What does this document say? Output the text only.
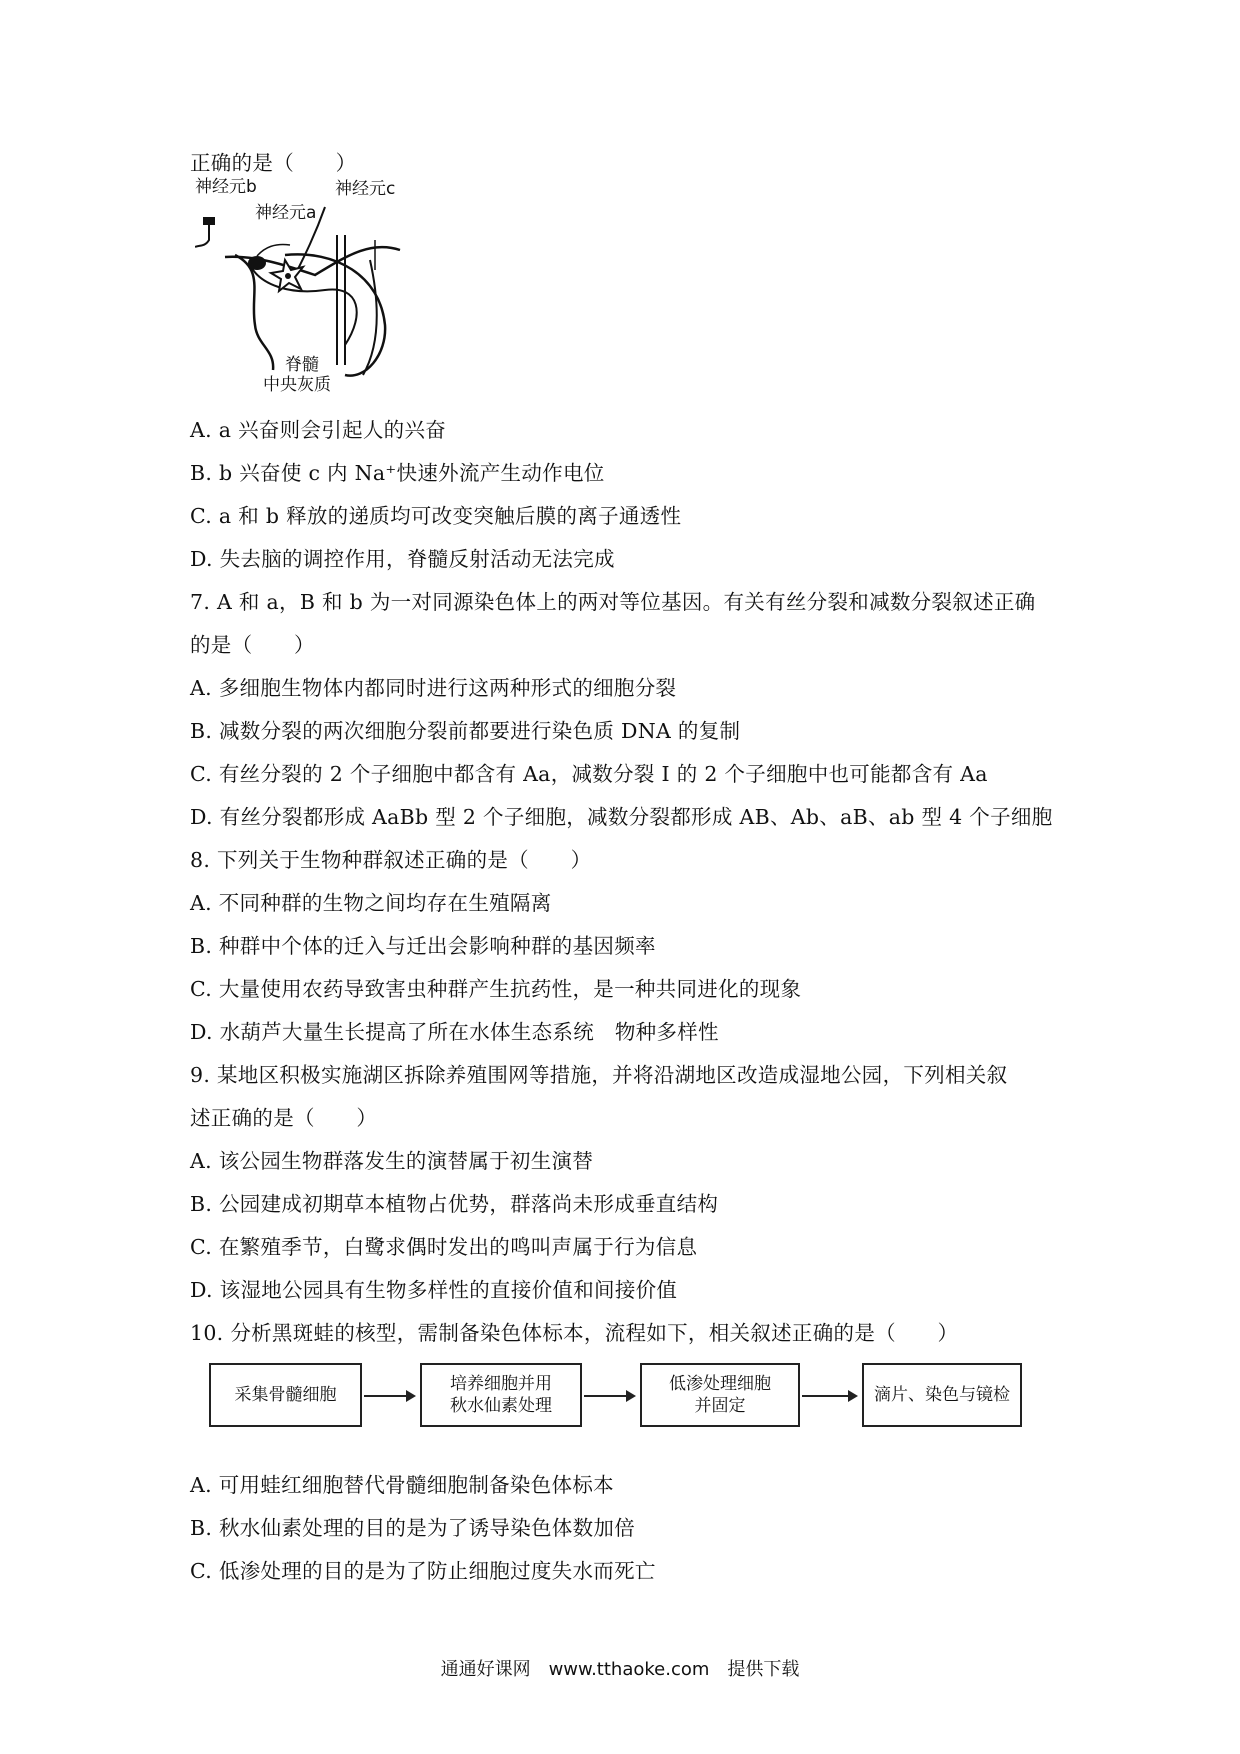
正确的是（　　）
神经元b
神经元a
神经元c
脊髓
中央灰质
A. a 兴奋则会引起人的兴奋
B. b 兴奋使 c 内 Na⁺快速外流产生动作电位
C. a 和 b 释放的递质均可改变突触后膜的离子通透性
D. 失去脑的调控作用，脊髓反射活动无法完成
7. A 和 a，B 和 b 为一对同源染色体上的两对等位基因。有关有丝分裂和减数分裂叙述正确
的是（　　）
A. 多细胞生物体内都同时进行这两种形式的细胞分裂
B. 减数分裂的两次细胞分裂前都要进行染色质 DNA 的复制
C. 有丝分裂的 2 个子细胞中都含有 Aa，减数分裂 I 的 2 个子细胞中也可能都含有 Aa
D. 有丝分裂都形成 AaBb 型 2 个子细胞，减数分裂都形成 AB、Ab、aB、ab 型 4 个子细胞
8. 下列关于生物种群叙述正确的是（　　）
A. 不同种群的生物之间均存在生殖隔离
B. 种群中个体的迁入与迁出会影响种群的基因频率
C. 大量使用农药导致害虫种群产生抗药性，是一种共同进化的现象
D. 水葫芦大量生长提高了所在水体生态系统　物种多样性
9. 某地区积极实施湖区拆除养殖围网等措施，并将沿湖地区改造成湿地公园，下列相关叙
述正确的是（　　）
A. 该公园生物群落发生的演替属于初生演替
B. 公园建成初期草本植物占优势，群落尚未形成垂直结构
C. 在繁殖季节，白鹭求偶时发出的鸣叫声属于行为信息
D. 该湿地公园具有生物多样性的直接价值和间接价值
10. 分析黑斑蛙的核型，需制备染色体标本，流程如下，相关叙述正确的是（　　）
采集骨髓细胞
培养细胞并用
秋水仙素处理
低渗处理细胞
并固定
滴片、染色与镜检
A. 可用蛙红细胞替代骨髓细胞制备染色体标本
B. 秋水仙素处理的目的是为了诱导染色体数加倍
C. 低渗处理的目的是为了防止细胞过度失水而死亡
通通好课网　www.tthaoke.com　提供下载
